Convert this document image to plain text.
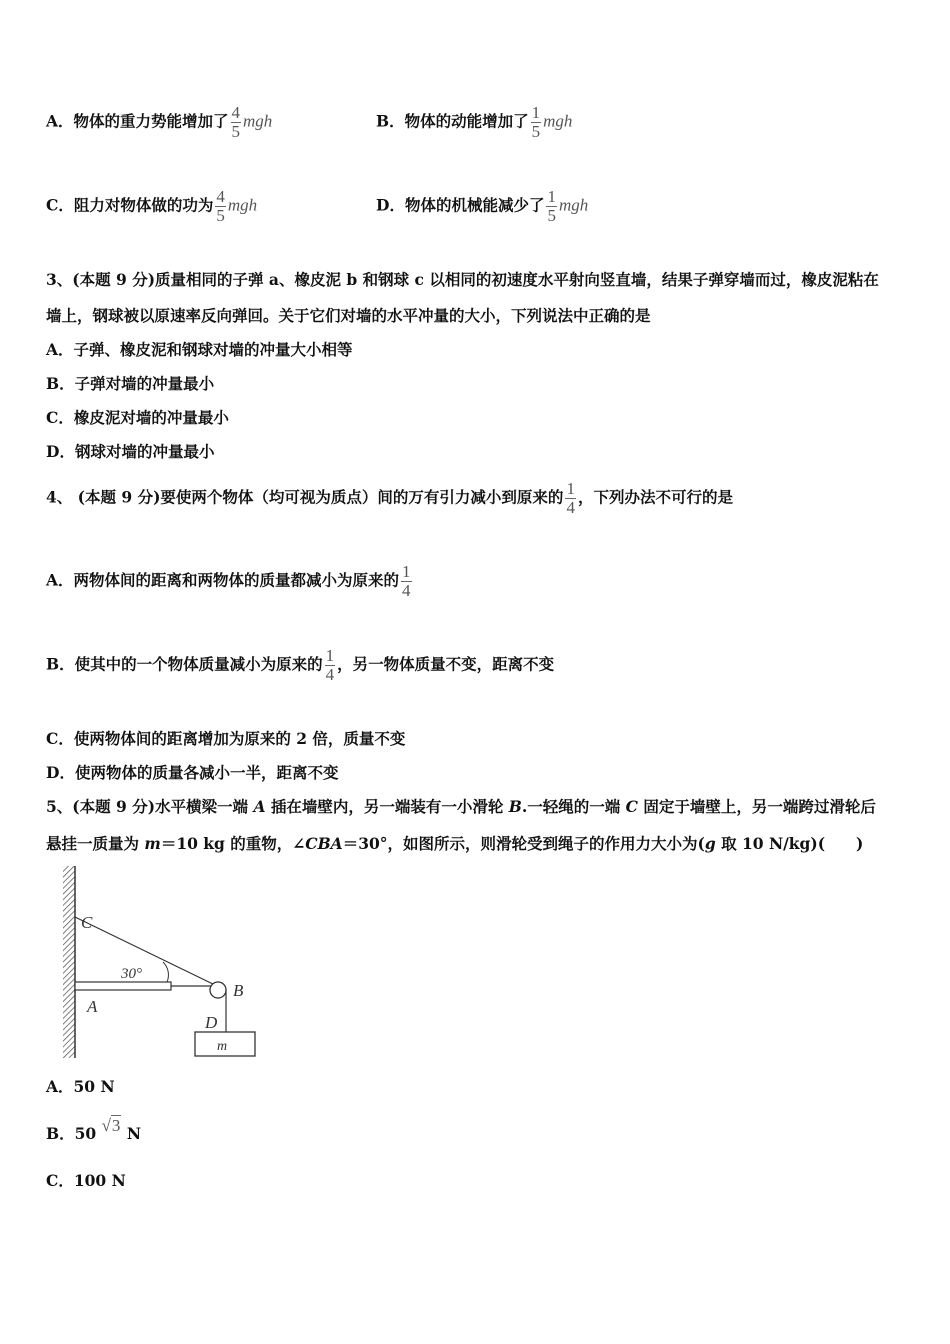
A．物体的重力势能增加了 $\frac{4}{5}$ mgh	B．物体的动能增加了 $\frac{1}{5}$ mgh
C．阻力对物体做的功为 $\frac{4}{5}$ mgh	D．物体的机械能减少了 $\frac{1}{5}$ mgh
3、(本题 9 分)质量相同的子弹 a、橡皮泥 b 和钢球 c 以相同的初速度水平射向竖直墙，结果子弹穿墙而过，橡皮泥粘在
墙上，钢球被以原速率反向弹回。关于它们对墙的水平冲量的大小，下列说法中正确的是
A．子弹、橡皮泥和钢球对墙的冲量大小相等
B．子弹对墙的冲量最小
C．橡皮泥对墙的冲量最小
D．钢球对墙的冲量最小
4、 (本题 9 分)要使两个物体（均可视为质点）间的万有引力减小到原来的 $\frac{1}{4}$ ，下列办法不可行的是
A．两物体间的距离和两物体的质量都减小为原来的 $\frac{1}{4}$
B．使其中的一个物体质量减小为原来的 $\frac{1}{4}$ ，另一物体质量不变，距离不变
C．使两物体间的距离增加为原来的 2 倍，质量不变
D．使两物体的质量各减小一半，距离不变
5、(本题 9 分)水平横梁一端 A 插在墙壁内，另一端装有一小滑轮 B.一轻绳的一端 C 固定于墙壁上，另一端跨过滑轮后
悬挂一质量为 m＝10 kg 的重物，∠CBA＝30°，如图所示，则滑轮受到绳子的作用力大小为(g 取 10 N/kg)(　　)
C
30°
A
B
D
m
A．50 N
B．50 √3 N
C．100 N
